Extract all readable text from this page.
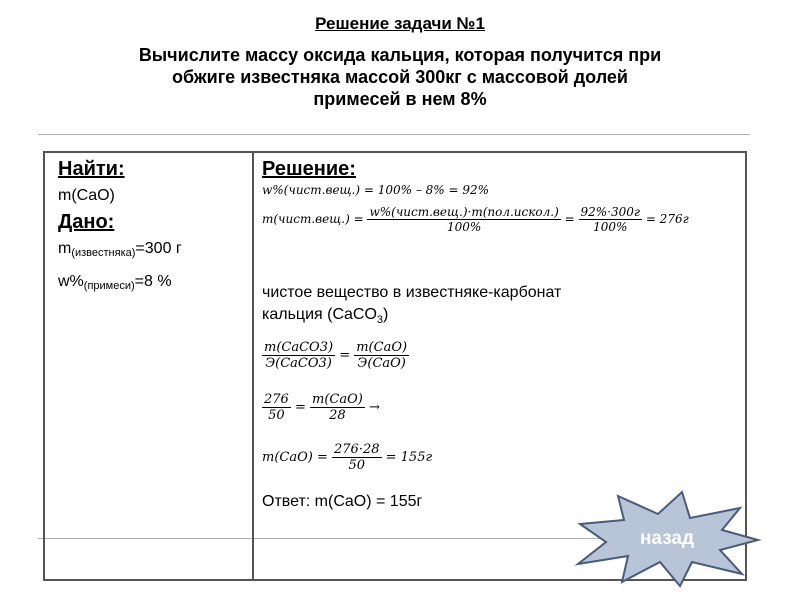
Решение задачи №1
Вычислите массу оксида кальция, которая получится при
обжиге известняка массой 300кг с массовой долей
примесей в нем 8%
Найти:
m(CaO)
Дано:
$m_{(известняка)}=300$ г
$w\%_{(примеси)}=8$ %
Решение:
w%(чист.вещ.) = 100% – 8% = 92%
m(чист.вещ.) = $\frac{\text{w\%(чист.вещ.)·m(пол.искол.)}}{100\%} = \frac{92\%\cdot 300г}{100\%} = 276г$
чистое вещество в известняке-карбонат
кальция (CaCO$_3$)
$\frac{\text{m(CaCO3)}}{\text{Э(CaCO3)}} = \frac{\text{m(CaO)}}{\text{Э(CaO)}}$
$\frac{276}{50} = \frac{\text{m(CaO)}}{28}$ →
$m(CaO) = \frac{276\cdot 28}{50} = 155г$
Ответ: m(CaO) = 155г
назад
